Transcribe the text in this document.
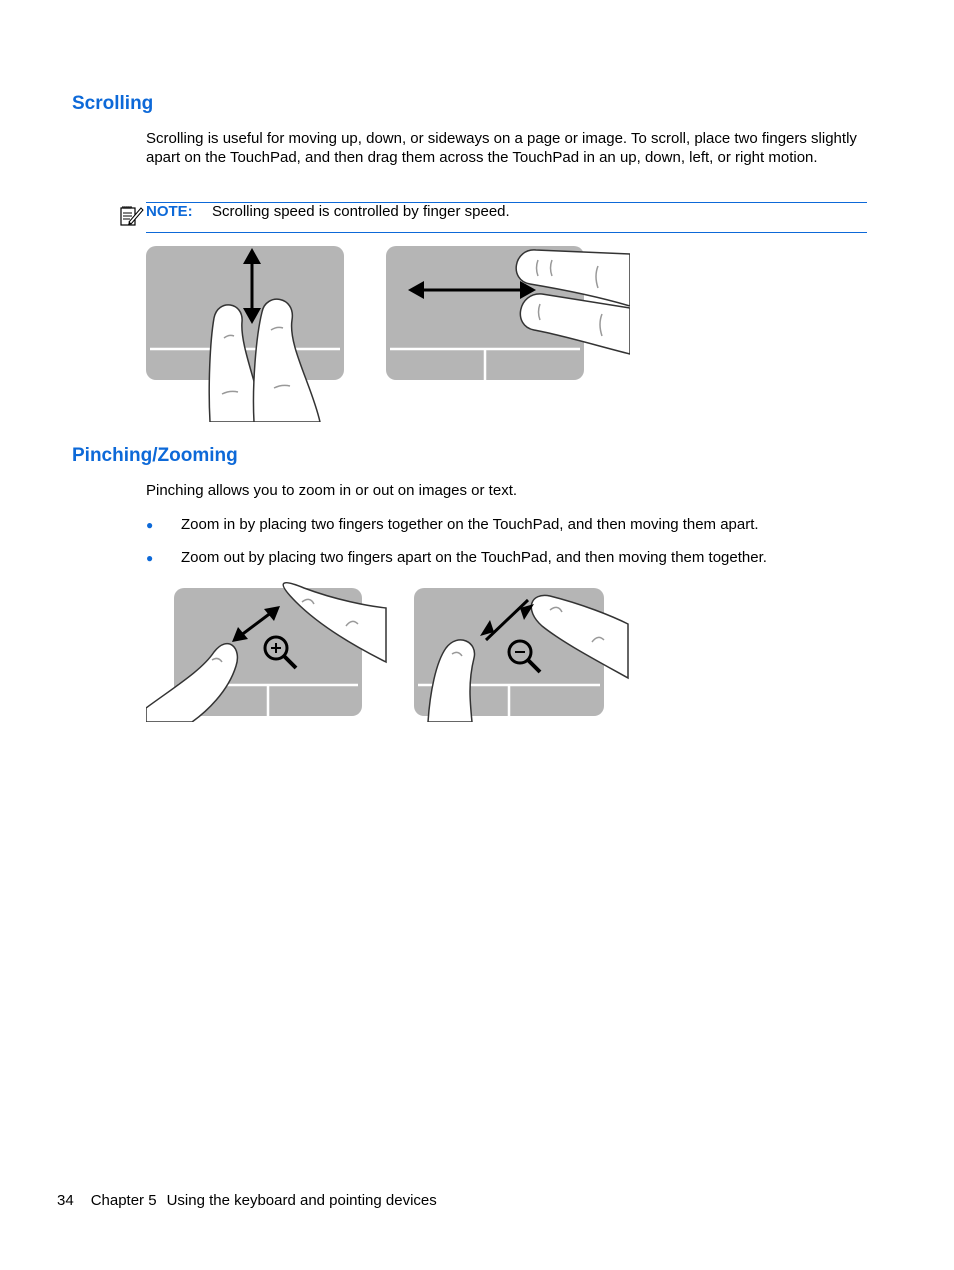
Scrolling

Scrolling is useful for moving up, down, or sideways on a page or image. To scroll, place two fingers slightly apart on the TouchPad, and then drag them across the TouchPad in an up, down, left, or right motion.

NOTE: Scrolling speed is controlled by finger speed.
Pinching/Zooming

Pinching allows you to zoom in or out on images or text.

● Zoom in by placing two fingers together on the TouchPad, and then moving them apart.
● Zoom out by placing two fingers apart on the TouchPad, and then moving them together.
34 Chapter 5 Using the keyboard and pointing devices
